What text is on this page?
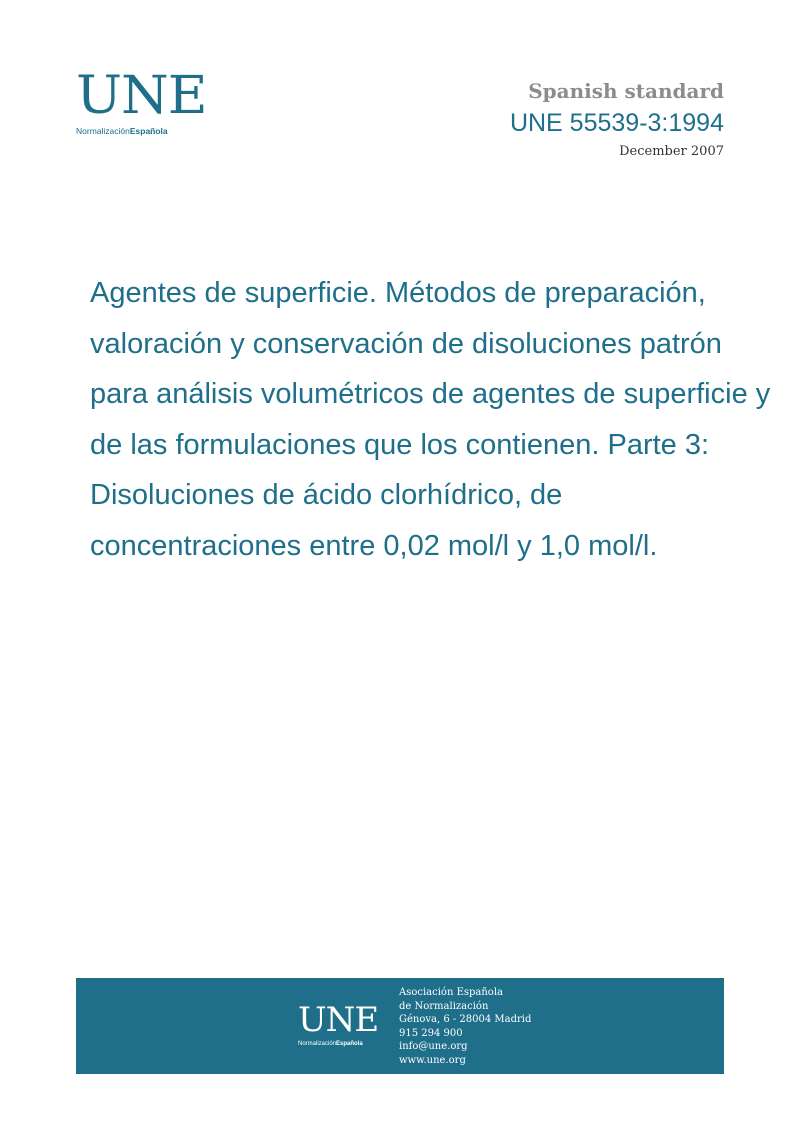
UNE
NormalizaciónEspañola
Spanish standard
UNE 55539-3:1994
December 2007
Agentes de superficie. Métodos de preparación, valoración y conservación de disoluciones patrón para análisis volumétricos de agentes de superficie y de las formulaciones que los contienen. Parte 3: Disoluciones de ácido clorhídrico, de concentraciones entre 0,02 mol/l y 1,0 mol/l.
UNE
NormalizaciónEspañola
Asociación Española
de Normalización
Génova, 6 - 28004 Madrid
915 294 900
info@une.org
www.une.org
